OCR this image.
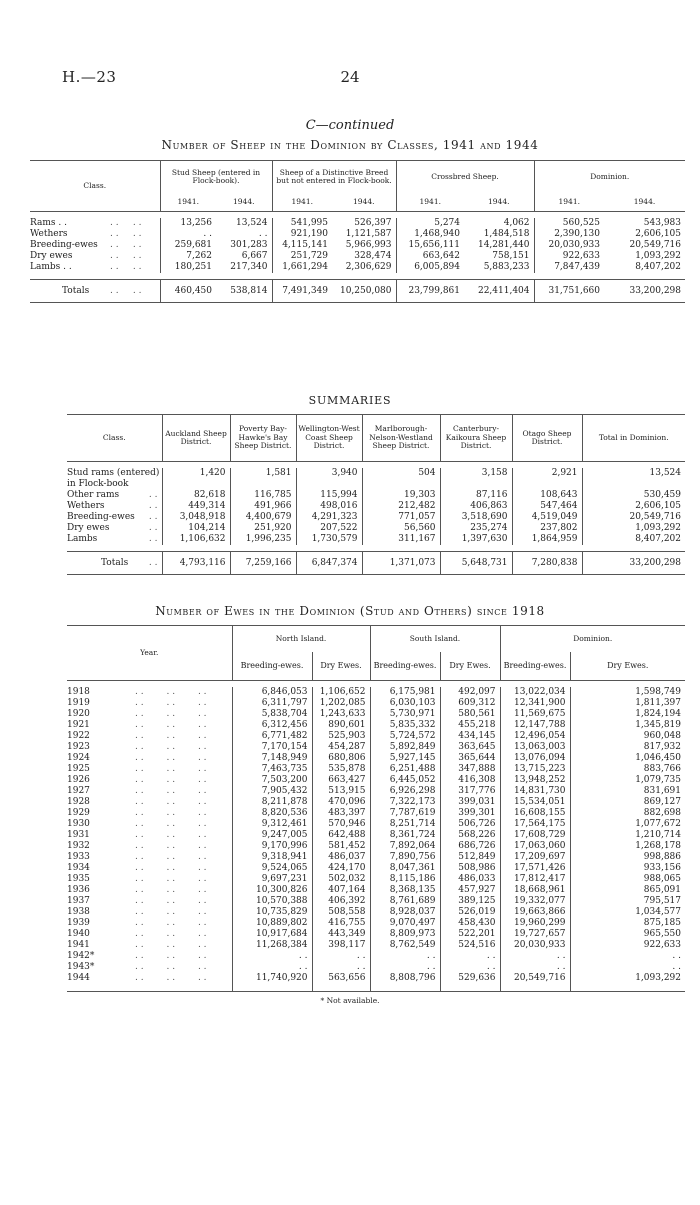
H.—23	24
C—continued
Number of Sheep in the Dominion by Classes, 1941 and 1944
Class.	Stud Sheep (entered in Flock-book).		Sheep of a Distinctive Breed but not entered in Flock-book.		Crossbred Sheep.		Dominion.	
	1941.	1944.	1941.	1944.	1941.	1944.	1941.	1944.

Rams . . . .     . .	13,256	13,524	541,995	526,397	5,274	4,062	560,525	543,983
Wethers . .     . .	. .	. .	921,190	1,121,587	1,468,940	1,484,518	2,390,130	2,606,105
Breeding-ewes . .     . .	259,681	301,283	4,115,141	5,966,993	15,656,111	14,281,440	20,030,933	20,549,716
Dry ewes . .     . .	7,262	6,667	251,729	328,474	663,642	758,151	922,633	1,093,292
Lambs . . . .     . .	180,251	217,340	1,661,294	2,306,629	6,005,894	5,883,233	7,847,439	8,407,202

Totals . .     . .	460,450	538,814	7,491,349	10,250,080	23,799,861	22,411,404	31,751,660	33,200,298
SUMMARIES
Class.	Auckland Sheep District.	Poverty Bay-Hawke's Bay Sheep District.	Wellington-West Coast Sheep District.	Marlborough-Nelson-Westland Sheep District.	Canterbury-Kaikoura Sheep District.	Otago Sheep District.	Total in Dominion.

Stud rams (entered) in Flock-book	1,420	1,581	3,940	504	3,158	2,921	13,524
Other rams . .	82,618	116,785	115,994	19,303	87,116	108,643	530,459
Wethers . .	449,314	491,966	498,016	212,482	406,863	547,464	2,606,105
Breeding-ewes . .	3,048,918	4,400,679	4,291,323	771,057	3,518,690	4,519,049	20,549,716
Dry ewes . .	104,214	251,920	207,522	56,560	235,274	237,802	1,093,292
Lambs . .	1,106,632	1,996,235	1,730,579	311,167	1,397,630	1,864,959	8,407,202

Totals . .	4,793,116	7,259,166	6,847,374	1,371,073	5,648,731	7,280,838	33,200,298
Number of Ewes in the Dominion (Stud and Others) since 1918
Year.	North Island.		South Island.		Dominion.	
	Breeding-ewes.	Dry Ewes.	Breeding-ewes.	Dry Ewes.	Breeding-ewes.	Dry Ewes.

1918 . .        . .        . .	6,846,053	1,106,652	6,175,981	492,097	13,022,034	1,598,749
1919 . .        . .        . .	6,311,797	1,202,085	6,030,103	609,312	12,341,900	1,811,397
1920 . .        . .        . .	5,838,704	1,243,633	5,730,971	580,561	11,569,675	1,824,194
1921 . .        . .        . .	6,312,456	890,601	5,835,332	455,218	12,147,788	1,345,819
1922 . .        . .        . .	6,771,482	525,903	5,724,572	434,145	12,496,054	960,048
1923 . .        . .        . .	7,170,154	454,287	5,892,849	363,645	13,063,003	817,932
1924 . .        . .        . .	7,148,949	680,806	5,927,145	365,644	13,076,094	1,046,450
1925 . .        . .        . .	7,463,735	535,878	6,251,488	347,888	13,715,223	883,766
1926 . .        . .        . .	7,503,200	663,427	6,445,052	416,308	13,948,252	1,079,735
1927 . .        . .        . .	7,905,432	513,915	6,926,298	317,776	14,831,730	831,691
1928 . .        . .        . .	8,211,878	470,096	7,322,173	399,031	15,534,051	869,127
1929 . .        . .        . .	8,820,536	483,397	7,787,619	399,301	16,608,155	882,698
1930 . .        . .        . .	9,312,461	570,946	8,251,714	506,726	17,564,175	1,077,672
1931 . .        . .        . .	9,247,005	642,488	8,361,724	568,226	17,608,729	1,210,714
1932 . .        . .        . .	9,170,996	581,452	7,892,064	686,726	17,063,060	1,268,178
1933 . .        . .        . .	9,318,941	486,037	7,890,756	512,849	17,209,697	998,886
1934 . .        . .        . .	9,524,065	424,170	8,047,361	508,986	17,571,426	933,156
1935 . .        . .        . .	9,697,231	502,032	8,115,186	486,033	17,812,417	988,065
1936 . .        . .        . .	10,300,826	407,164	8,368,135	457,927	18,668,961	865,091
1937 . .        . .        . .	10,570,388	406,392	8,761,689	389,125	19,332,077	795,517
1938 . .        . .        . .	10,735,829	508,558	8,928,037	526,019	19,663,866	1,034,577
1939 . .        . .        . .	10,889,802	416,755	9,070,497	458,430	19,960,299	875,185
1940 . .        . .        . .	10,917,684	443,349	8,809,973	522,201	19,727,657	965,550
1941 . .        . .        . .	11,268,384	398,117	8,762,549	524,516	20,030,933	922,633
1942* . .        . .        . .	. .	. .	. .	. .	. .	. .
1943* . .        . .        . .	. .	. .	. .	. .	. .	. .
1944 . .        . .        . .	11,740,920	563,656	8,808,796	529,636	20,549,716	1,093,292
* Not available.
